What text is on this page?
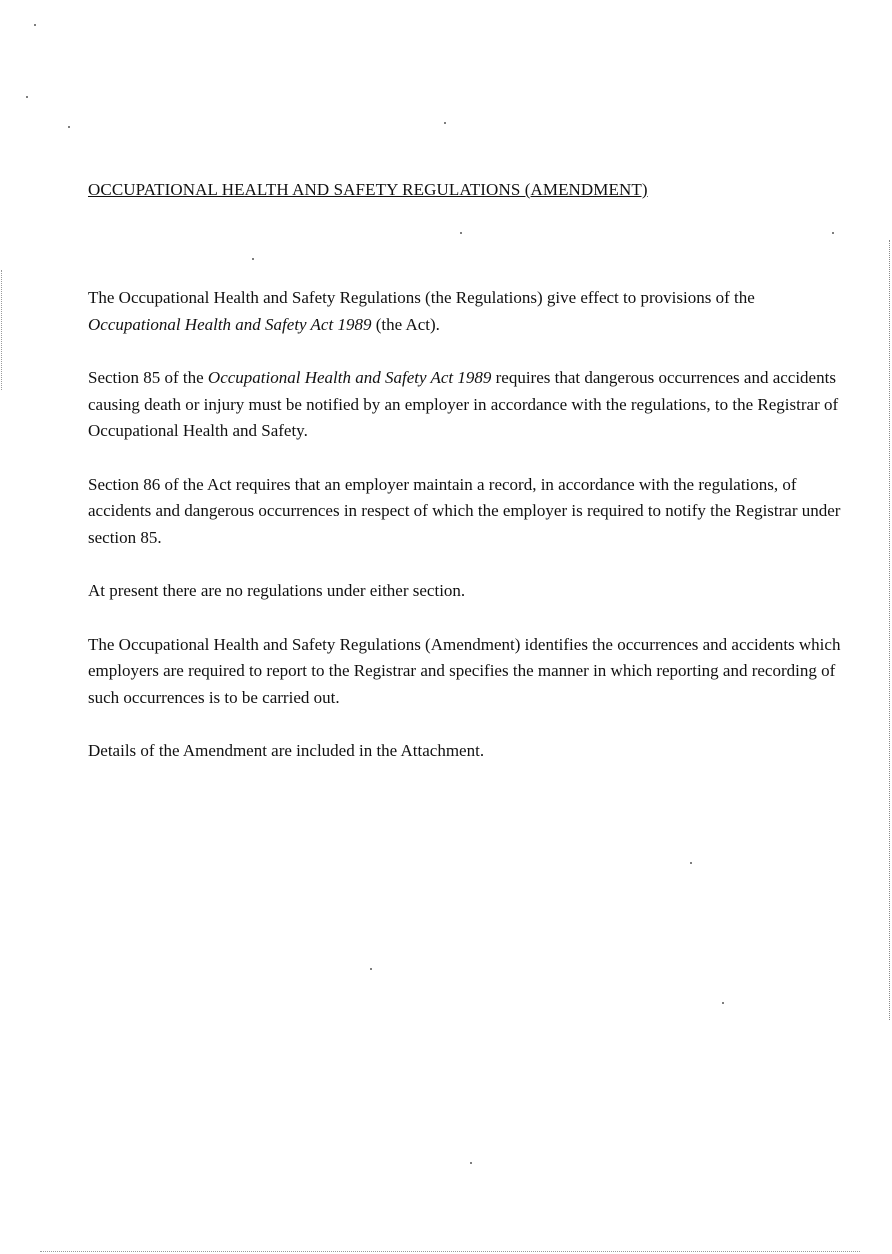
OCCUPATIONAL HEALTH AND SAFETY REGULATIONS (AMENDMENT)

The Occupational Health and Safety Regulations (the Regulations) give effect to provisions of the Occupational Health and Safety Act 1989 (the Act).

Section 85 of the Occupational Health and Safety Act 1989 requires that dangerous occurrences and accidents causing death or injury must be notified by an employer in accordance with the regulations, to the Registrar of Occupational Health and Safety.

Section 86 of the Act requires that an employer maintain a record, in accordance with the regulations, of accidents and dangerous occurrences in respect of which the employer is required to notify the Registrar under section 85.

At present there are no regulations under either section.

The Occupational Health and Safety Regulations (Amendment) identifies the occurrences and accidents which employers are required to report to the Registrar and specifies the manner in which reporting and recording of such occurrences is to be carried out.

Details of the Amendment are included in the Attachment.
